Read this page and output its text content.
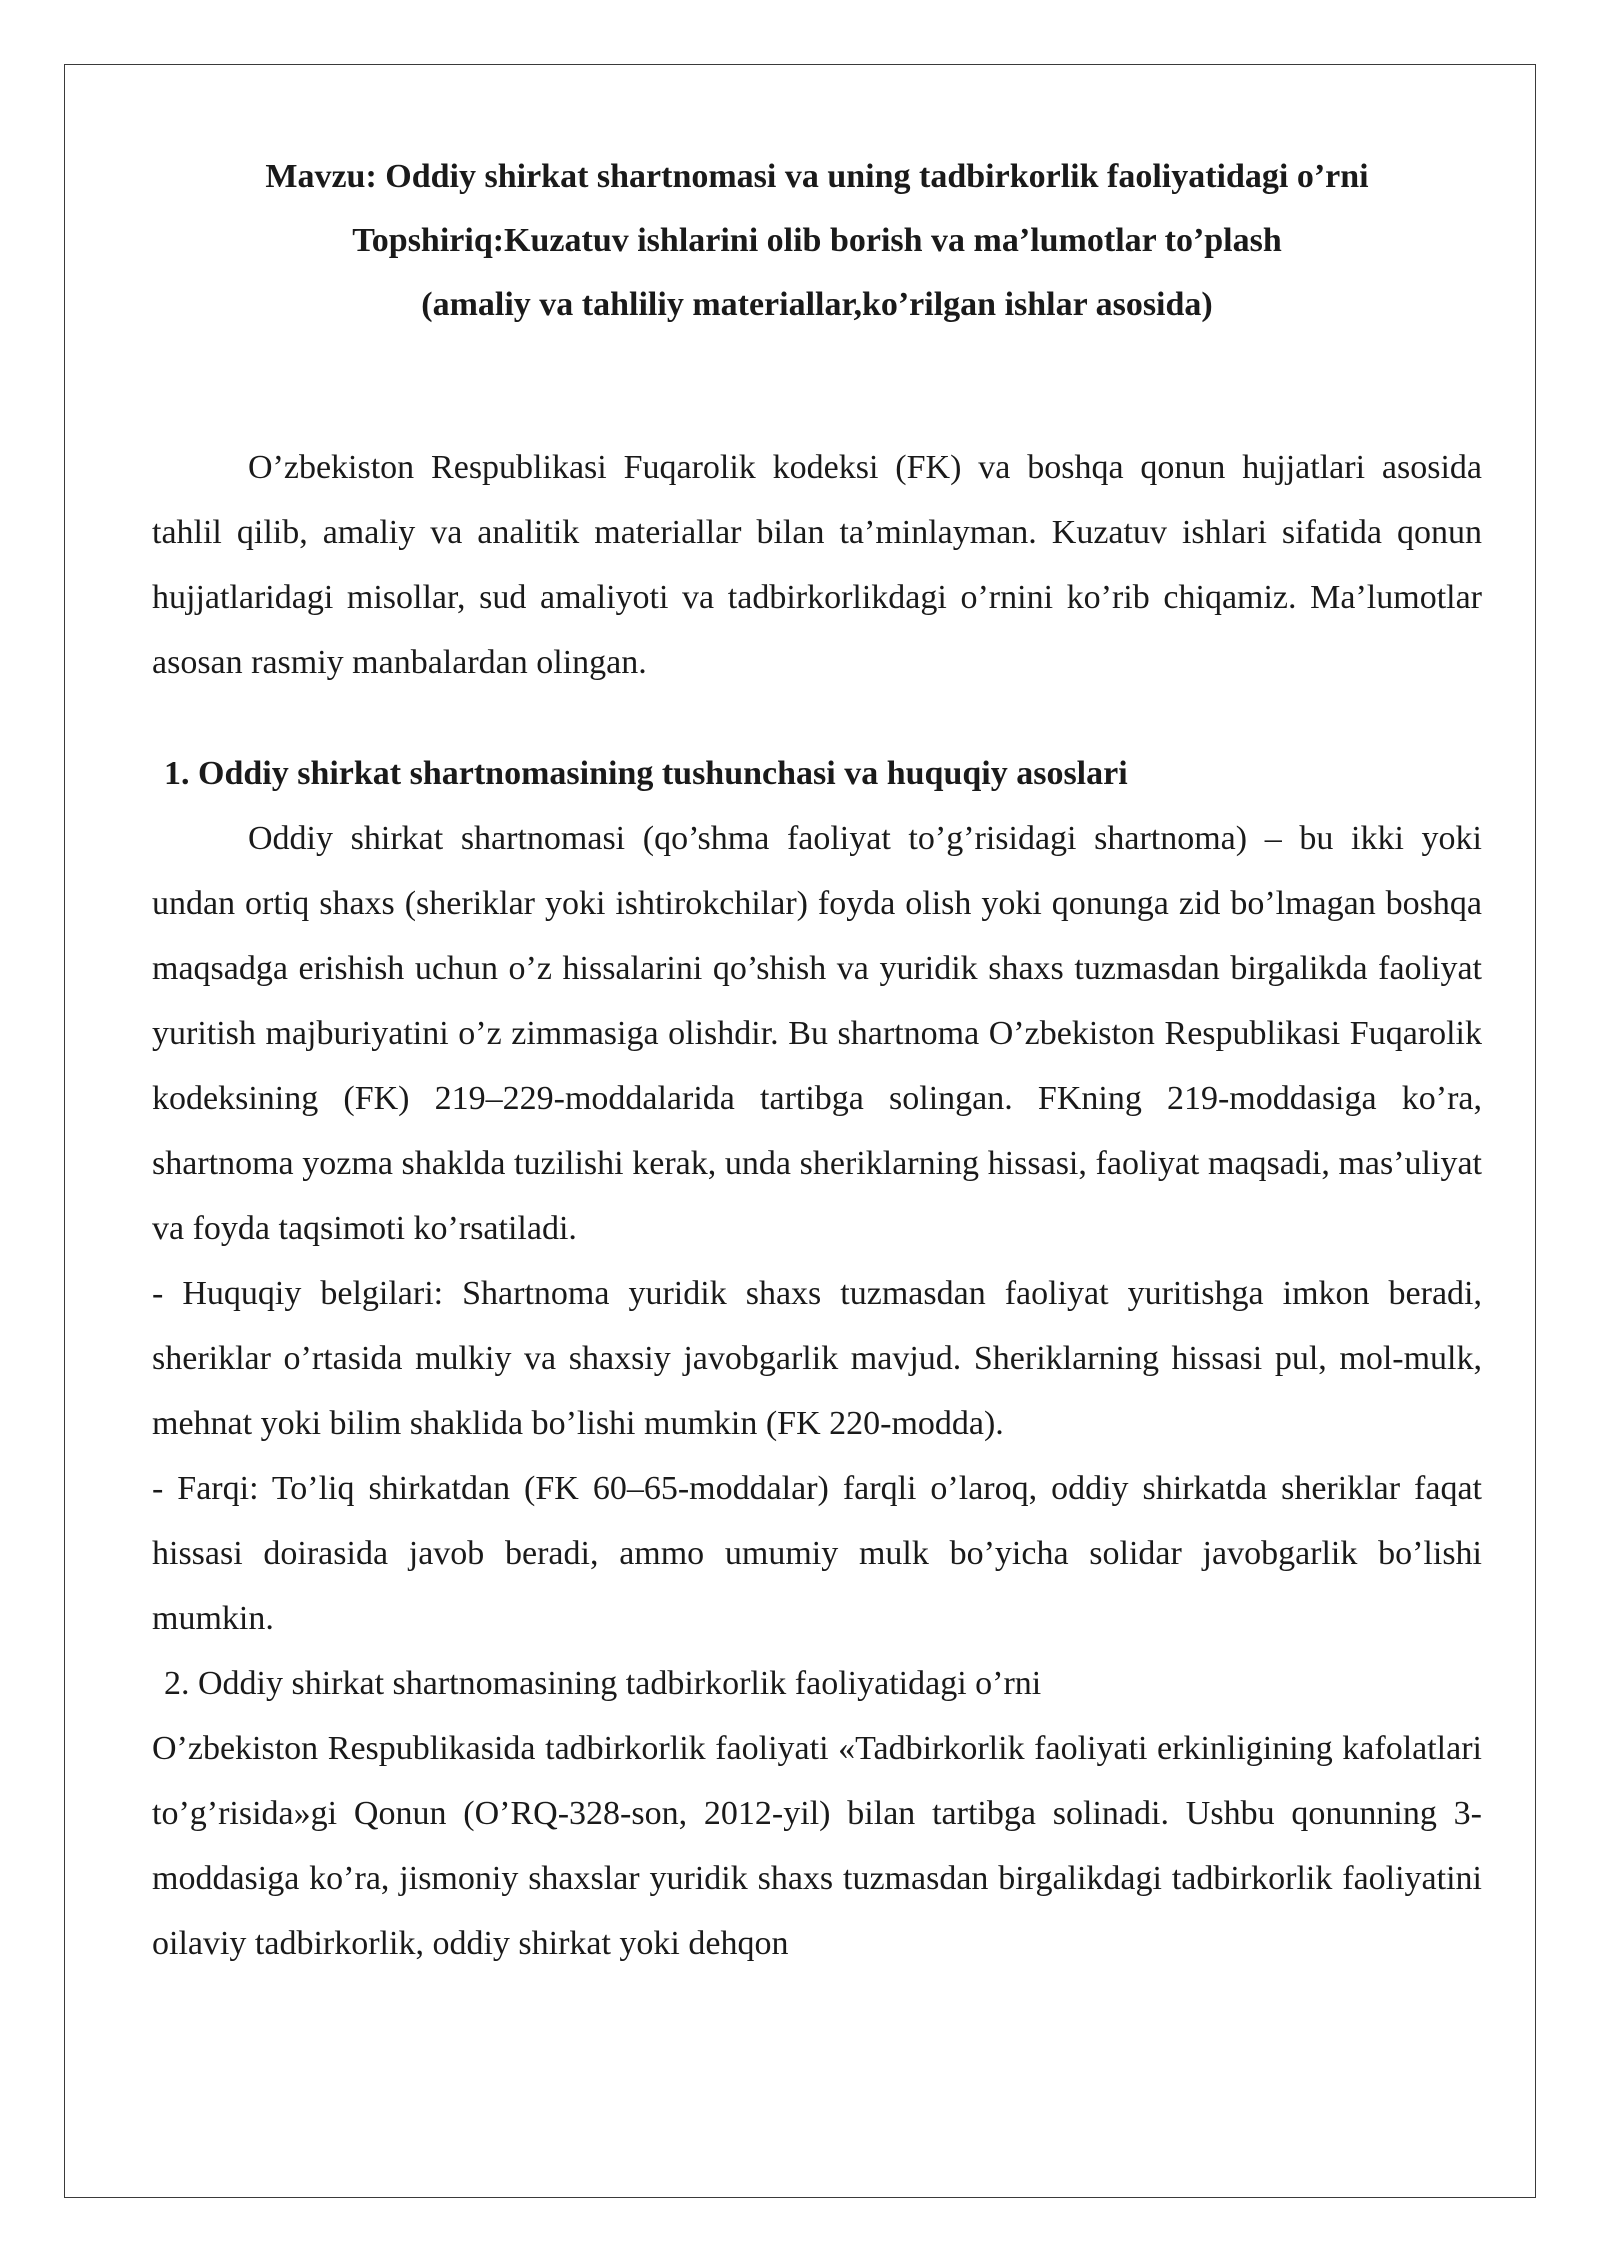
Mavzu: Oddiy shirkat shartnomasi va uning tadbirkorlik faoliyatidagi o’rni
Topshiriq:Kuzatuv ishlarini olib borish va ma’lumotlar to’plash
(amaliy va tahliliy materiallar,ko’rilgan ishlar asosida)

O’zbekiston Respublikasi Fuqarolik kodeksi (FK) va boshqa qonun hujjatlari asosida tahlil qilib, amaliy va analitik materiallar bilan ta’minlayman. Kuzatuv ishlari sifatida qonun hujjatlaridagi misollar, sud amaliyoti va tadbirkorlikdagi o’rnini ko’rib chiqamiz. Ma’lumotlar asosan rasmiy manbalardan olingan.

1. Oddiy shirkat shartnomasining tushunchasi va huquqiy asoslari

Oddiy shirkat shartnomasi (qo’shma faoliyat to’g’risidagi shartnoma) – bu ikki yoki undan ortiq shaxs (sheriklar yoki ishtirokchilar) foyda olish yoki qonunga zid bo’lmagan boshqa maqsadga erishish uchun o’z hissalarini qo’shish va yuridik shaxs tuzmasdan birgalikda faoliyat yuritish majburiyatini o’z zimmasiga olishdir. Bu shartnoma O’zbekiston Respublikasi Fuqarolik kodeksining (FK) 219–229-moddalarida tartibga solingan. FKning 219-moddasiga ko’ra, shartnoma yozma shaklda tuzilishi kerak, unda sheriklarning hissasi, faoliyat maqsadi, mas’uliyat va foyda taqsimoti ko’rsatiladi.

- Huquqiy belgilari: Shartnoma yuridik shaxs tuzmasdan faoliyat yuritishga imkon beradi, sheriklar o’rtasida mulkiy va shaxsiy javobgarlik mavjud. Sheriklarning hissasi pul, mol-mulk, mehnat yoki bilim shaklida bo’lishi mumkin (FK 220-modda).

- Farqi: To’liq shirkatdan (FK 60–65-moddalar) farqli o’laroq, oddiy shirkatda sheriklar faqat hissasi doirasida javob beradi, ammo umumiy mulk bo’yicha solidar javobgarlik bo’lishi mumkin.

2. Oddiy shirkat shartnomasining tadbirkorlik faoliyatidagi o’rni

O’zbekiston Respublikasida tadbirkorlik faoliyati «Tadbirkorlik faoliyati erkinligining kafolatlari to’g’risida»gi Qonun (O’RQ-328-son, 2012-yil) bilan tartibga solinadi. Ushbu qonunning 3-moddasiga ko’ra, jismoniy shaxslar yuridik shaxs tuzmasdan birgalikdagi tadbirkorlik faoliyatini oilaviy tadbirkorlik, oddiy shirkat yoki dehqon
